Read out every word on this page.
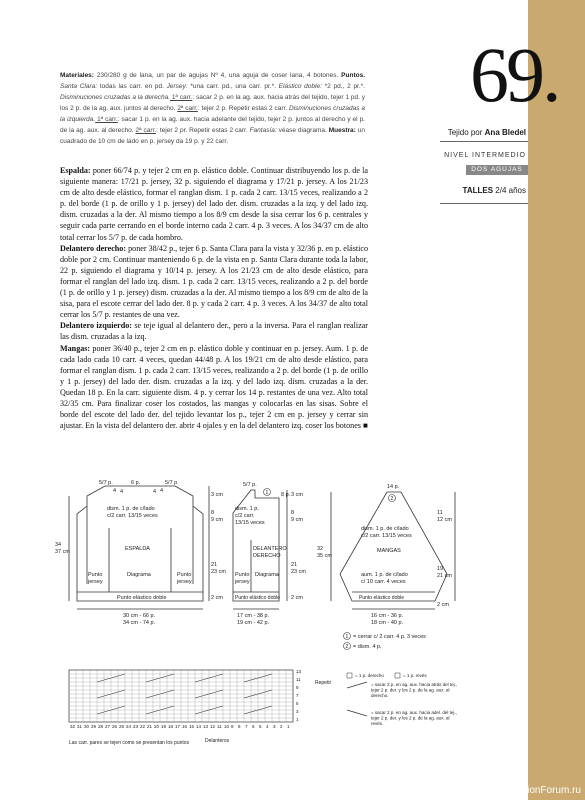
69.
Tejido por Ana Bledel
NIVEL INTERMEDIO
DOS AGUJAS
TALLES 2/4 años
Materiales: 230/280 g de lana, un par de agujas Nº 4, una aguja de coser lana, 4 botones. Puntos. Santa Clara: todas las carr. en pd. Jersey: *una carr. pd., una carr. pr.*. Elástico doble: *2 pd., 2 pr.*. Disminuciones cruzadas a la derecha. 1ª carr.: sacar 2 p. en la ag. aux. hacia atrás del tejido, tejer 1 pd. y los 2 p. de la ag. aux. juntos al derecho. 2ª carr.: tejer 2 p. Repetir estas 2 carr. Disminuciones cruzadas a la izquierda. 1ª carr.: sacar 1 p. en la ag. aux. hacia adelante del tejido, tejer 2 p. juntos al derecho y el p. de la ag. aux. al derecho. 2ª carr.: tejer 2 pr. Repetir estas 2 carr. Fantasía: véase diagrama. Muestra: un cuadrado de 10 cm de lado en p. jersey da 19 p. y 22 carr.

Espalda: poner 66/74 p. y tejer 2 cm en p. elástico doble. Continuar distribuyendo los p. de la siguiente manera: 17/21 p. jersey, 32 p. siguiendo el diagrama y 17/21 p. jersey. A los 21/23 cm de alto desde elástico, formar el ranglan dism. 1 p. cada 2 carr. 13/15 veces, realizando a 2 p. del borde (1 p. de orillo y 1 p. jersey) del lado der. dism. cruzadas a la izq. y del lado izq. dism. cruzadas a la der. Al mismo tiempo a los 8/9 cm desde la sisa cerrar los 6 p. centrales y seguir cada parte cerrando en el borde interno cada 2 carr. 4 p. 3 veces. A los 34/37 cm de alto total cerrar los 5/7 p. de cada hombro.

Delantero derecho: poner 38/42 p., tejer 6 p. Santa Clara para la vista y 32/36 p. en p. elástico doble por 2 cm. Continuar manteniendo 6 p. de la vista en p. Santa Clara durante toda la labor, 22 p. siguiendo el diagrama y 10/14 p. jersey. A los 21/23 cm de alto desde elástico, para formar el ranglan del lado izq. dism. 1 p. cada 2 carr. 13/15 veces, realizando a 2 p. del borde (1 p. de orillo y 1 p. jersey) dism. cruzadas a la der. Al mismo tiempo a los 8/9 cm de alto de la sisa, para el escote cerrar del lado der. 8 p. y cada 2 carr. 4 p. 3 veces. A los 34/37 de alto total cerrar los 5/7 p. restantes de una vez.

Delantero izquierdo: se teje igual al delantero der., pero a la inversa. Para el ranglan realizar las dism. cruzadas a la izq.

Mangas: poner 36/40 p., tejer 2 cm en p. elástico doble y continuar en p. jersey. Aum. 1 p. de cada lado cada 10 carr. 4 veces, quedan 44/48 p. A los 19/21 cm de alto desde elástico, para formar el ranglan dism. 1 p. cada 2 carr. 13/15 veces, realizando a 2 p. del borde (1 p. de orillo y 1 p. jersey) del lado der. dism. cruzadas a la izq. y del lado izq. dism. cruzadas a la der. Quedan 18 p. En la carr. siguiente dism. 4 p. y cerrar los 14 p. restantes de una vez. Alto total 32/35 cm. Para finalizar coser los costados, las mangas y colocarlas en las sisas. Sobre el borde del escote del lado der. del tejido levantar los p., tejer 2 cm en p. jersey y cerrar sin ajustar. En la vista del delantero der. abrir 4 ojales y en la del delantero izq. coser los botones ■

5/7 p.	6 p.	5/7 p.
4 4	4 4
dism. 1 p. de c/lado
c/2 carr. 13/15 veces
ESPALDA
Diagrama
Punto
jersey
Punto
jersey
Punto elástico doble
34
37 cm
3 cm
8
9 cm
21
23 cm
2 cm
30 cm - 66 p.
34 cm - 74 p.
5/7 p.
1 8 p. 3 cm
dism. 1 p.
c/2 carr.
13/15 veces
DELANTERO
DERECHO
Punto
jersey
Diagrama
Punto elástico doble
8
9 cm
21
23 cm
2 cm
17 cm - 38 p.
19 cm - 42 p.
14 p.
2
dism. 1 p. de c/lado
c/2 carr. 13/15 veces
MANGAS
aum. 1 p. de c/lado
c/ 10 carr. 4 veces
Punto elástico doble
32
35 cm
11
12 cm
19
21 cm
2 cm
16 cm - 36 p.
18 cm - 40 p.
1 = cerrar c/ 2 carr. 4 p. 3 veces
2 = dism. 4 p.
13
11
9
7
5
3
1
32 31 30 29 28 27 26 25 24 23 22 21 20 19 18 17 16 15 14 13 12 11 10 9 8 7 6 5 4 3 2 1
Repetir
Las carr. pares se tejen como se presentan los puntos	Delanteros
= 1 p. derecho	= 1 p. revés
= sacar 2 p. en ag. aux. hacia atrás del tej., tejer 2 p. der. y los 2 p. de la ag. aux. al derecho.
= sacar 2 p. en ag. aux. hacia adel. del tej., tejer 2 p. der. y los 2 p. de la ag. aux. al revés.
PassionForum.ru
